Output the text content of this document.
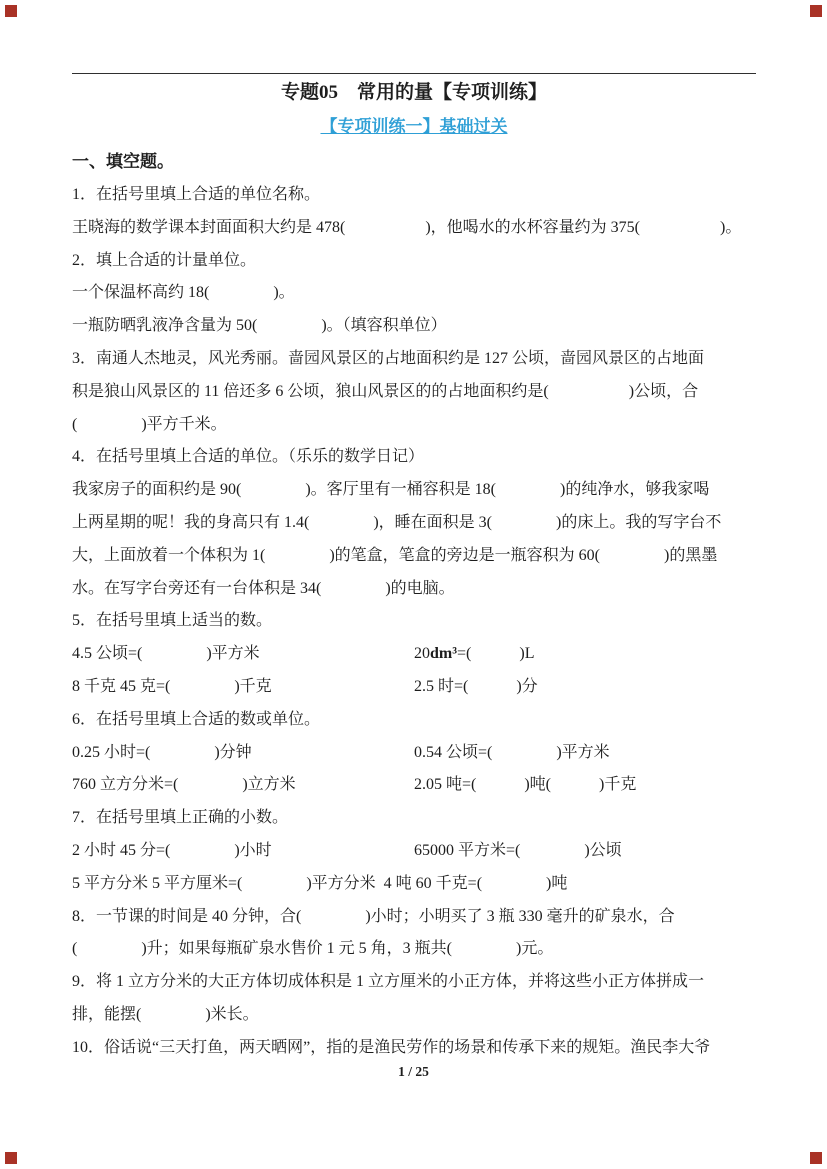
专题05　常用的量【专项训练】
【专项训练一】基础过关
一、填空题。
1．在括号里填上合适的单位名称。
王晓海的数学课本封面面积大约是 478(　　　　　)，他喝水的水杯容量约为 375(　　　　　)。
2．填上合适的计量单位。
一个保温杯高约 18(　　　　)。
一瓶防晒乳液净含量为 50(　　　　)。（填容积单位）
3．南通人杰地灵，风光秀丽。啬园风景区的占地面积约是 127 公顷，啬园风景区的占地面
积是狼山风景区的 11 倍还多 6 公顷，狼山风景区的的占地面积约是(　　　　　)公顷，合
(　　　　)平方千米。
4．在括号里填上合适的单位。（乐乐的数学日记）
我家房子的面积约是 90(　　　　)。客厅里有一桶容积是 18(　　　　)的纯净水，够我家喝
上两星期的呢！我的身高只有 1.4(　　　　)，睡在面积是 3(　　　　)的床上。我的写字台不
大，上面放着一个体积为 1(　　　　)的笔盒，笔盒的旁边是一瓶容积为 60(　　　　)的黑墨
水。在写字台旁还有一台体积是 34(　　　　)的电脑。
5．在括号里填上适当的数。
4.5 公顷=(　　　　)平方米	20dm³=(　　　)L
8 千克 45 克=(　　　　)千克	2.5 时=(　　　)分
6．在括号里填上合适的数或单位。
0.25 小时=(　　　　)分钟	0.54 公顷=(　　　　)平方米
760 立方分米=(　　　　)立方米	2.05 吨=(　　　)吨(　　　)千克
7．在括号里填上正确的小数。
2 小时 45 分=(　　　　)小时	65000 平方米=(　　　　)公顷
5 平方分米 5 平方厘米=(　　　　)平方分米  4 吨 60 千克=(　　　　)吨
8．一节课的时间是 40 分钟，合(　　　　)小时；小明买了 3 瓶 330 毫升的矿泉水，合
(　　　　)升；如果每瓶矿泉水售价 1 元 5 角，3 瓶共(　　　　)元。
9．将 1 立方分米的大正方体切成体积是 1 立方厘米的小正方体，并将这些小正方体拼成一
排，能摆(　　　　)米长。
10．俗话说“三天打鱼，两天晒网”，指的是渔民劳作的场景和传承下来的规矩。渔民李大爷
1 / 25
